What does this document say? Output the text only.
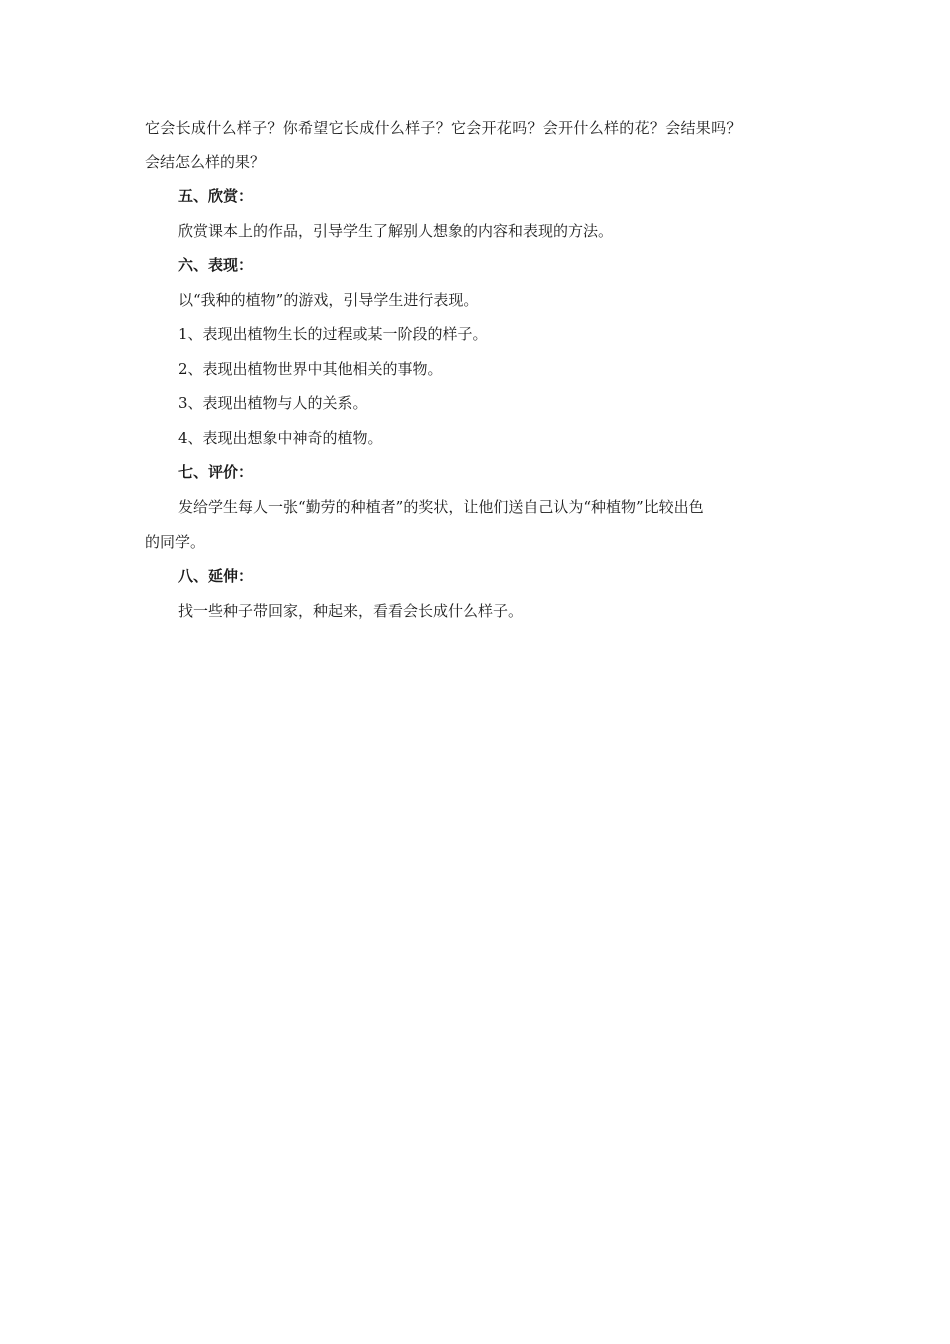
它会长成什么样子？你希望它长成什么样子？它会开花吗？会开什么样的花？会结果吗？
会结怎么样的果？
五、欣赏：
欣赏课本上的作品，引导学生了解别人想象的内容和表现的方法。
六、表现：
以“我种的植物”的游戏，引导学生进行表现。
1、表现出植物生长的过程或某一阶段的样子。
2、表现出植物世界中其他相关的事物。
3、表现出植物与人的关系。
4、表现出想象中神奇的植物。
七、评价：
发给学生每人一张“勤劳的种植者”的奖状，让他们送自己认为“种植物”比较出色
的同学。
八、延伸：
找一些种子带回家，种起来，看看会长成什么样子。
